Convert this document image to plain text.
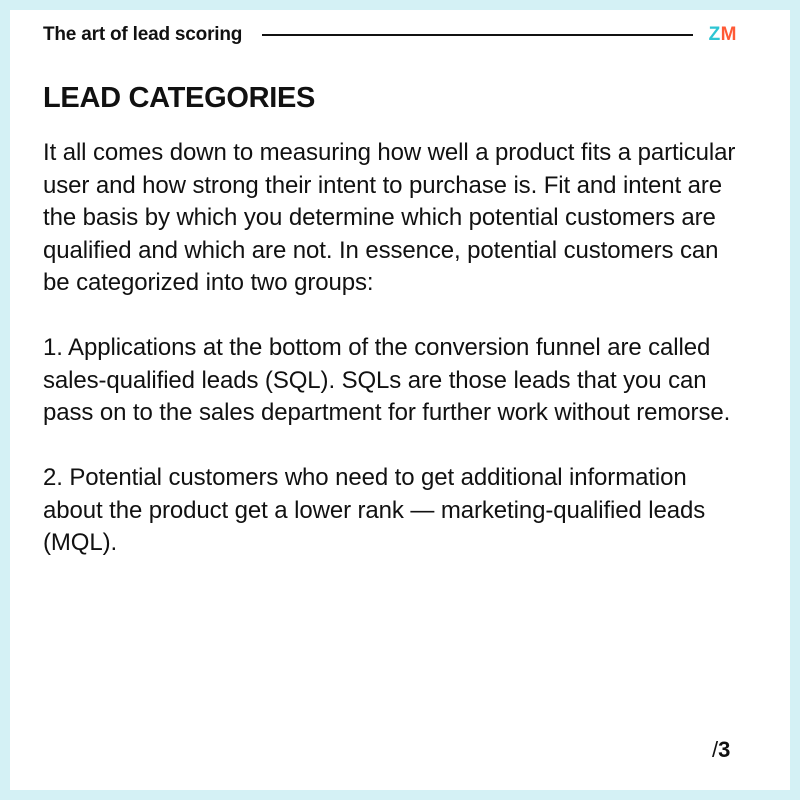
The art of lead scoring	ZM
LEAD CATEGORIES

It all comes down to measuring how well a product fits a particular user and how strong their intent to purchase is. Fit and intent are the basis by which you determine which potential customers are qualified and which are not. In essence, potential customers can be categorized into two groups:

1. Applications at the bottom of the conversion funnel are called sales-qualified leads (SQL). SQLs are those leads that you can pass on to the sales department for further work without remorse.

2. Potential customers who need to get additional information about the product get a lower rank — marketing-qualified leads (MQL).

/3
